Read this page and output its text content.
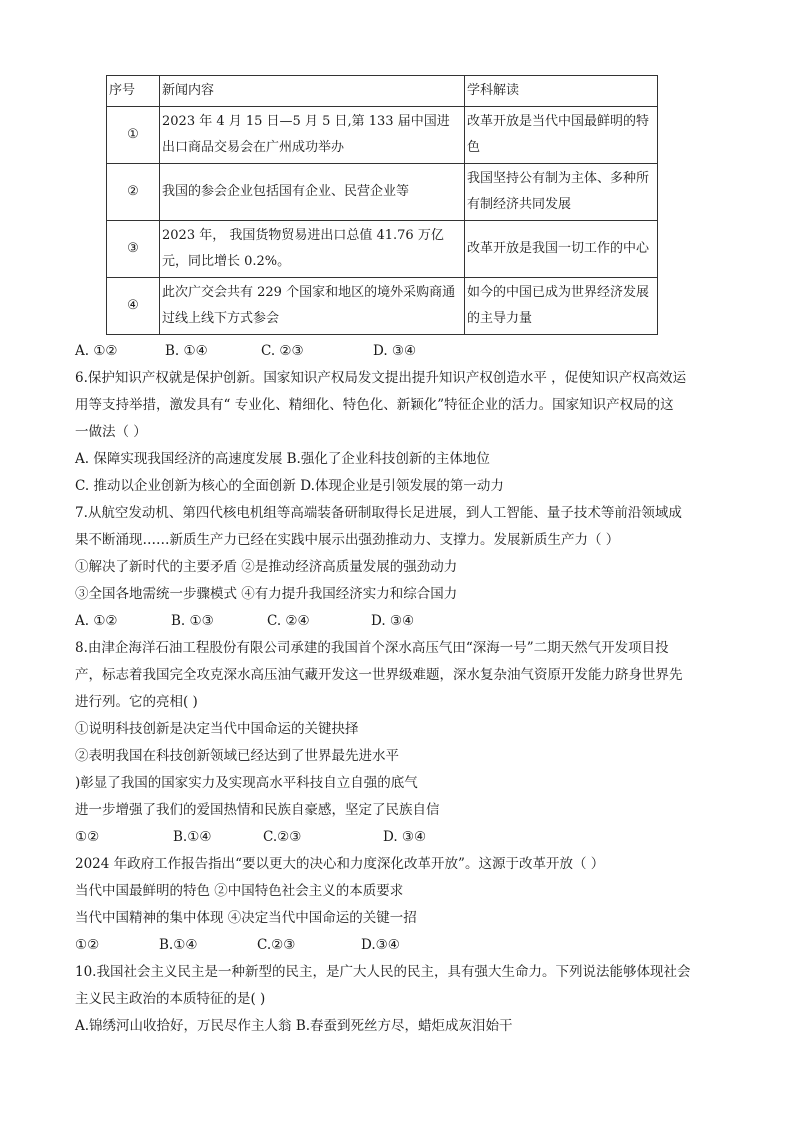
序号	新闻内容	学科解读
①	2023 年 4 月 15 日—5 月 5 日,第 133 届中国进出口商品交易会在广州成功举办	改革开放是当代中国最鲜明的特色
②	我国的参会企业包括国有企业、民营企业等	我国坚持公有制为主体、多种所有制经济共同发展
③	2023 年， 我国货物贸易进出口总值 41.76 万亿元，同比增长 0.2%。	改革开放是我国一切工作的中心
④	此次广交会共有 229 个国家和地区的境外采购商通过线上线下方式参会	如今的中国已成为世界经济发展的主导力量
A. ①②	B. ①④	C. ②③	D. ③④
6.保护知识产权就是保护创新。国家知识产权局发文提出提升知识产权创造水平 ，促使知识产权高效运
用等支持举措，激发具有“ 专业化、精细化、特色化、新颖化”特征企业的活力。国家知识产权局的这
一做法（ ）
A. 保障实现我国经济的高速度发展 B.强化了企业科技创新的主体地位
C. 推动以企业创新为核心的全面创新 D.体现企业是引领发展的第一动力
7.从航空发动机、第四代核电机组等高端装备研制取得长足进展，到人工智能、量子技术等前沿领域成
果不断涌现……新质生产力已经在实践中展示出强劲推动力、支撑力。发展新质生产力（ ）
①解决了新时代的主要矛盾 ②是推动经济高质量发展的强劲动力
③全国各地需统一步骤模式 ④有力提升我国经济实力和综合国力
A. ①②	B. ①③	C. ②④	D. ③④
8.由津企海洋石油工程股份有限公司承建的我国首个深水高压气田“深海一号”二期天然气开发项目投
产，标志着我国完全攻克深水高压油气藏开发这一世界级难题，深水复杂油气资原开发能力跻身世界先
进行列。它的亮相( )
①说明科技创新是决定当代中国命运的关键抉择
②表明我国在科技创新领域已经达到了世界最先进水平
)彰显了我国的国家实力及实现高水平科技自立自强的底气
进一步增强了我们的爱国热情和民族自豪感，坚定了民族自信
①②	B.①④	C.②③	D. ③④
2024 年政府工作报告指出“要以更大的决心和力度深化改革开放”。这源于改革开放（ ）
当代中国最鲜明的特色 ②中国特色社会主义的本质要求
当代中国精神的集中体现 ④决定当代中国命运的关键一招
①②	B.①④	C.②③	D.③④
10.我国社会主义民主是一种新型的民主，是广大人民的民主，具有强大生命力。下列说法能够体现社会
主义民主政治的本质特征的是( )
A.锦绣河山收拾好，万民尽作主人翁 B.春蚕到死丝方尽，蜡炬成灰泪始干
